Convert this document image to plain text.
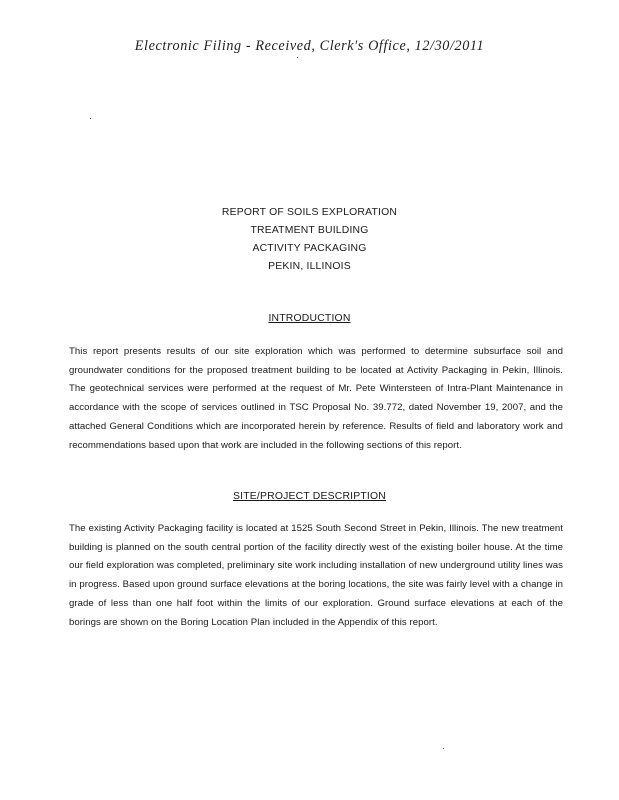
Electronic Filing - Received, Clerk's Office, 12/30/2011
REPORT OF SOILS EXPLORATION
TREATMENT BUILDING
ACTIVITY PACKAGING
PEKIN, ILLINOIS
INTRODUCTION

This report presents results of our site exploration which was performed to determine subsurface soil and groundwater conditions for the proposed treatment building to be located at Activity Packaging in Pekin, Illinois. The geotechnical services were performed at the request of Mr. Pete Wintersteen of Intra-Plant Maintenance in accordance with the scope of services outlined in TSC Proposal No. 39.772, dated November 19, 2007, and the attached General Conditions which are incorporated herein by reference. Results of field and laboratory work and recommendations based upon that work are included in the following sections of this report.

SITE/PROJECT DESCRIPTION

The existing Activity Packaging facility is located at 1525 South Second Street in Pekin, Illinois. The new treatment building is planned on the south central portion of the facility directly west of the existing boiler house. At the time our field exploration was completed, preliminary site work including installation of new underground utility lines was in progress. Based upon ground surface elevations at the boring locations, the site was fairly level with a change in grade of less than one half foot within the limits of our exploration. Ground surface elevations at each of the borings are shown on the Boring Location Plan included in the Appendix of this report.
